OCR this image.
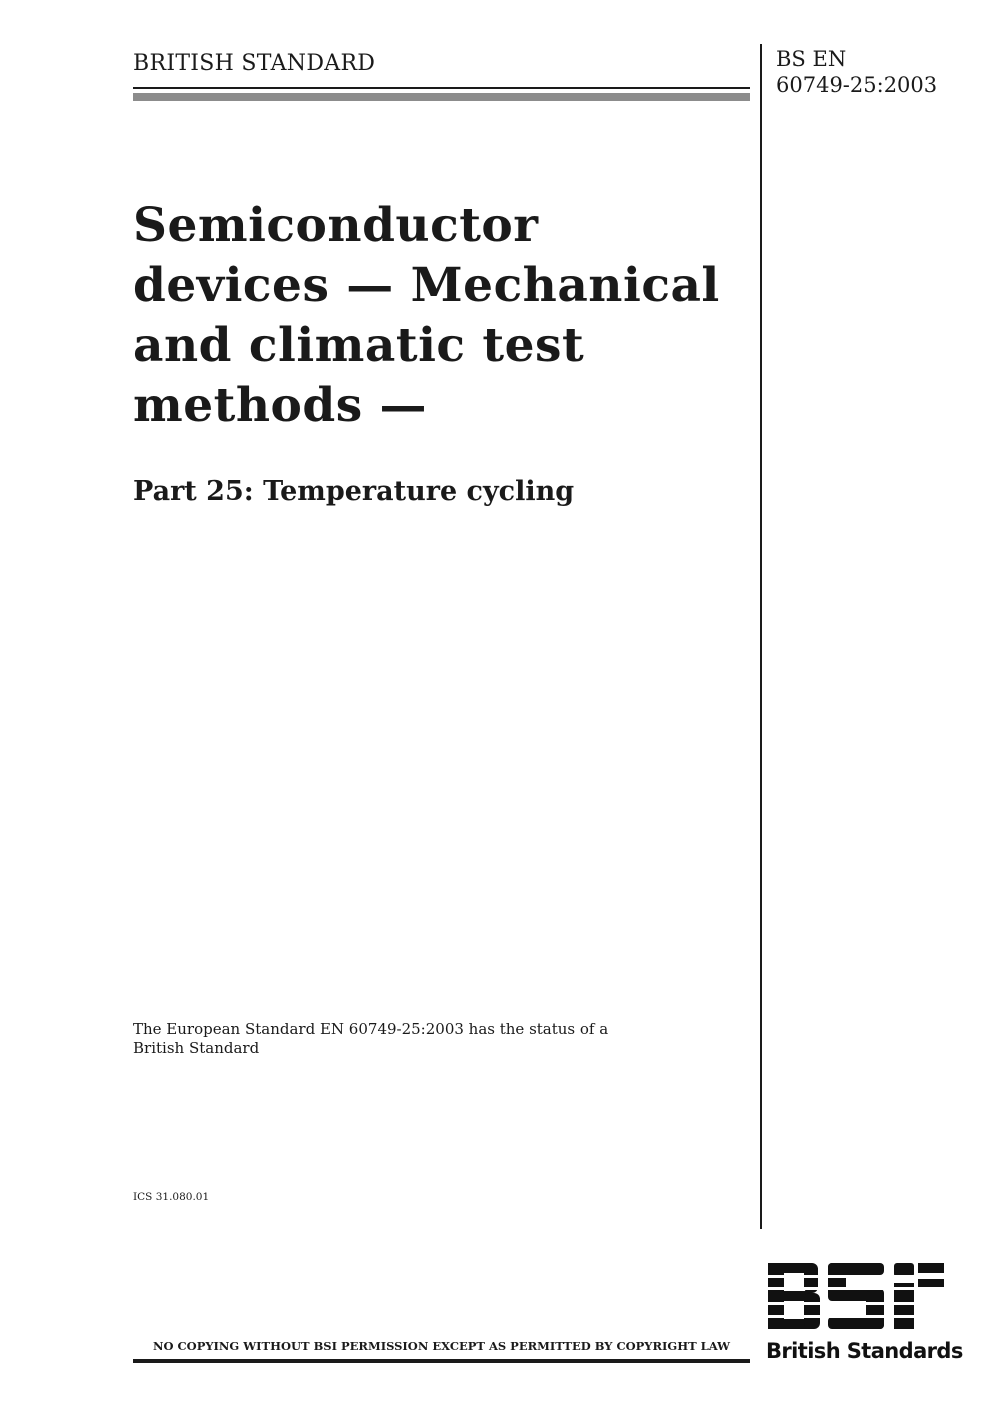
BRITISH STANDARD	BS EN
60749-25:2003
Semiconductor
devices — Mechanical
and climatic test
methods —
Part 25: Temperature cycling
The European Standard EN 60749-25:2003 has the status of a
British Standard
ICS 31.080.01
British Standards
NO COPYING WITHOUT BSI PERMISSION EXCEPT AS PERMITTED BY COPYRIGHT LAW
